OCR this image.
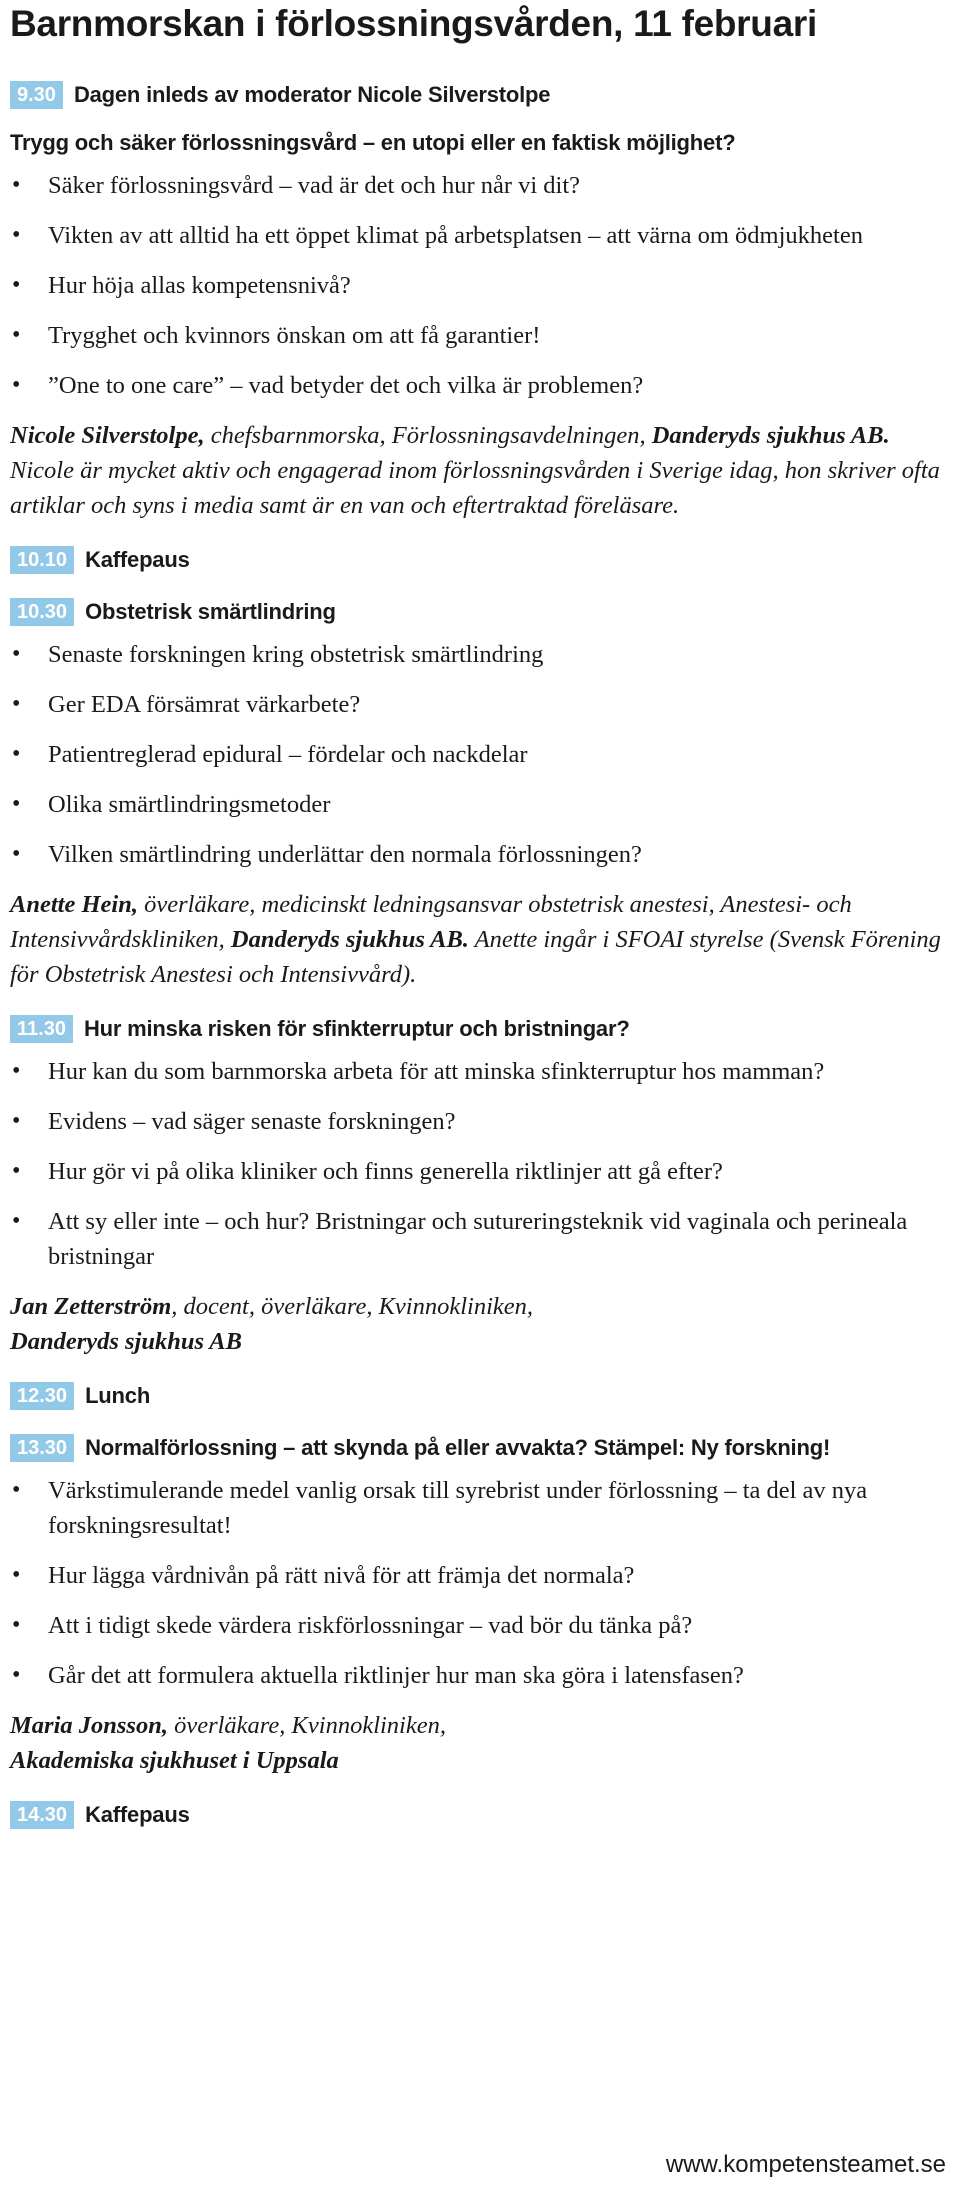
Barnmorskan i förlossningsvården, 11 februari
9.30 Dagen inleds av moderator Nicole Silverstolpe
Trygg och säker förlossningsvård – en utopi eller en faktisk möjlighet?
• Säker förlossningsvård – vad är det och hur når vi dit?
• Vikten av att alltid ha ett öppet klimat på arbetsplatsen – att värna om ödmjukheten
• Hur höja allas kompetensnivå?
• Trygghet och kvinnors önskan om att få garantier!
• ”One to one care” – vad betyder det och vilka är problemen?
Nicole Silverstolpe, chefsbarnmorska, Förlossningsavdelningen, Danderyds sjukhus AB. Nicole är mycket aktiv och engagerad inom förlossningsvården i Sverige idag, hon skriver ofta artiklar och syns i media samt är en van och eftertraktad föreläsare.
10.10 Kaffepaus
10.30 Obstetrisk smärtlindring
• Senaste forskningen kring obstetrisk smärtlindring
• Ger EDA försämrat värkarbete?
• Patientreglerad epidural – fördelar och nackdelar
• Olika smärtlindringsmetoder
• Vilken smärtlindring underlättar den normala förlossningen?
Anette Hein, överläkare, medicinskt ledningsansvar obstetrisk anestesi, Anestesi- och Intensivvårdskliniken, Danderyds sjukhus AB. Anette ingår i SFOAI styrelse (Svensk Förening för Obstetrisk Anestesi och Intensivvård).
11.30 Hur minska risken för sfinkterruptur och bristningar?
• Hur kan du som barnmorska arbeta för att minska sfinkterruptur hos mamman?
• Evidens – vad säger senaste forskningen?
• Hur gör vi på olika kliniker och finns generella riktlinjer att gå efter?
• Att sy eller inte – och hur? Bristningar och sutureringsteknik vid vaginala och perineala bristningar
Jan Zetterström, docent, överläkare, Kvinnokliniken,
Danderyds sjukhus AB
12.30 Lunch
13.30 Normalförlossning – att skynda på eller avvakta? Stämpel: Ny forskning!
• Värkstimulerande medel vanlig orsak till syrebrist under förlossning – ta del av nya forskningsresultat!
• Hur lägga vårdnivån på rätt nivå för att främja det normala?
• Att i tidigt skede värdera riskförlossningar – vad bör du tänka på?
• Går det att formulera aktuella riktlinjer hur man ska göra i latensfasen?
Maria Jonsson, överläkare, Kvinnokliniken,
Akademiska sjukhuset i Uppsala
14.30 Kaffepaus
www.kompetensteamet.se
